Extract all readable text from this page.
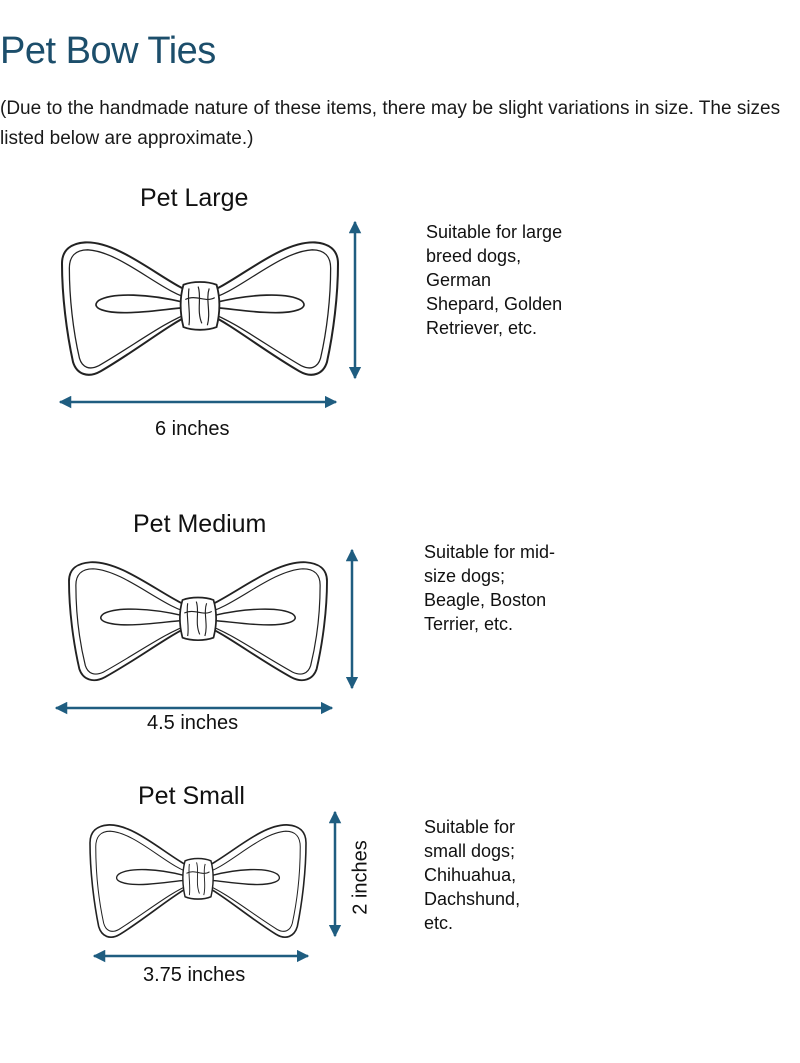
Pet Bow Ties

(Due to the handmade nature of these items, there may be slight variations in size. The sizes listed below are approximate.)

Pet Large

Suitable for large breed dogs, German Shepard, Golden Retriever, etc.

6 inches
Pet Medium

Suitable for mid-size dogs; Beagle, Boston Terrier, etc.

4.5 inches
Pet Small

Suitable for small dogs; Chihuahua, Dachshund, etc.

2 inches
3.75 inches
